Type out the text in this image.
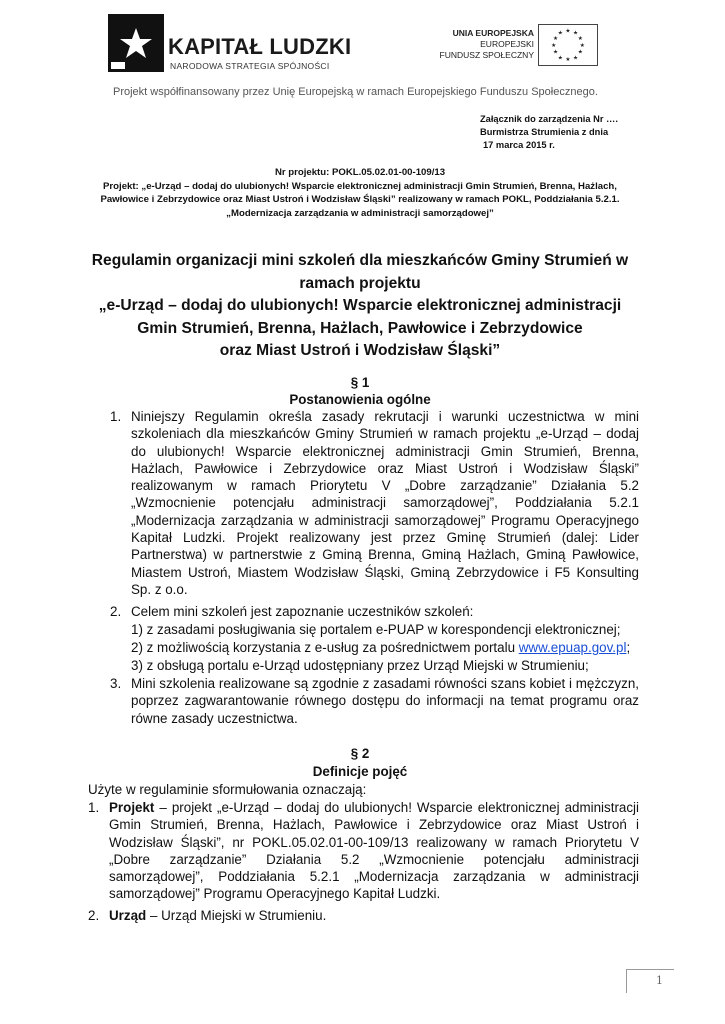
KAPITAŁ LUDZKI
NARODOWA STRATEGIA SPÓJNOŚCI
UNIA EUROPEJSKA
EUROPEJSKI
FUNDUSZ SPOŁECZNY
★ ★
★
★
★
★
★
★
★
★
★
★
Projekt współfinansowany przez Unię Europejską w ramach Europejskiego Funduszu Społecznego.
Załącznik do zarządzenia Nr ….
Burmistrza Strumienia z dnia
17 marca 2015 r.
Nr projektu: POKL.05.02.01-00-109/13
Projekt: „e-Urząd – dodaj do ulubionych! Wsparcie elektronicznej administracji Gmin Strumień, Brenna, Hażlach,
Pawłowice i Zebrzydowice oraz Miast Ustroń i Wodzisław Śląski” realizowany w ramach POKL, Poddziałania 5.2.1.
„Modernizacja zarządzania w administracji samorządowej”
Regulamin organizacji mini szkoleń dla mieszkańców Gminy Strumień w
ramach projektu
„e-Urząd – dodaj do ulubionych! Wsparcie elektronicznej administracji
Gmin Strumień, Brenna, Hażlach, Pawłowice i Zebrzydowice
oraz Miast Ustroń i Wodzisław Śląski”
§ 1
Postanowienia ogólne
1. Niniejszy Regulamin określa zasady rekrutacji i warunki uczestnictwa w mini szkoleniach dla mieszkańców Gminy Strumień w ramach projektu „e-Urząd – dodaj do ulubionych! Wsparcie elektronicznej administracji Gmin Strumień, Brenna, Hażlach, Pawłowice i Zebrzydowice oraz Miast Ustroń i Wodzisław Śląski” realizowanym w ramach Priorytetu V „Dobre zarządzanie” Działania 5.2 „Wzmocnienie potencjału administracji samorządowej”, Poddziałania 5.2.1 „Modernizacja zarządzania w administracji samorządowej” Programu Operacyjnego Kapitał Ludzki. Projekt realizowany jest przez Gminę Strumień (dalej: Lider Partnerstwa) w partnerstwie z Gminą Brenna, Gminą Hażlach, Gminą Pawłowice, Miastem Ustroń, Miastem Wodzisław Śląski, Gminą Zebrzydowice i F5 Konsulting Sp. z o.o.
2. Celem mini szkoleń jest zapoznanie uczestników szkoleń:
1) z zasadami posługiwania się portalem e-PUAP w korespondencji elektronicznej;
2) z możliwością korzystania z e-usług za pośrednictwem portalu www.epuap.gov.pl;
3) z obsługą portalu e-Urząd udostępniany przez Urząd Miejski w Strumieniu;
3. Mini szkolenia realizowane są zgodnie z zasadami równości szans kobiet i mężczyzn, poprzez zagwarantowanie równego dostępu do informacji na temat programu oraz równe zasady uczestnictwa.
§ 2
Definicje pojęć
Użyte w regulaminie sformułowania oznaczają:
1. Projekt – projekt „e-Urząd – dodaj do ulubionych! Wsparcie elektronicznej administracji Gmin Strumień, Brenna, Hażlach, Pawłowice i Zebrzydowice oraz Miast Ustroń i Wodzisław Śląski”, nr POKL.05.02.01-00-109/13 realizowany w ramach Priorytetu V „Dobre zarządzanie” Działania 5.2 „Wzmocnienie potencjału administracji samorządowej”, Poddziałania 5.2.1 „Modernizacja zarządzania w administracji samorządowej” Programu Operacyjnego Kapitał Ludzki.
2. Urząd – Urząd Miejski w Strumieniu.
1
